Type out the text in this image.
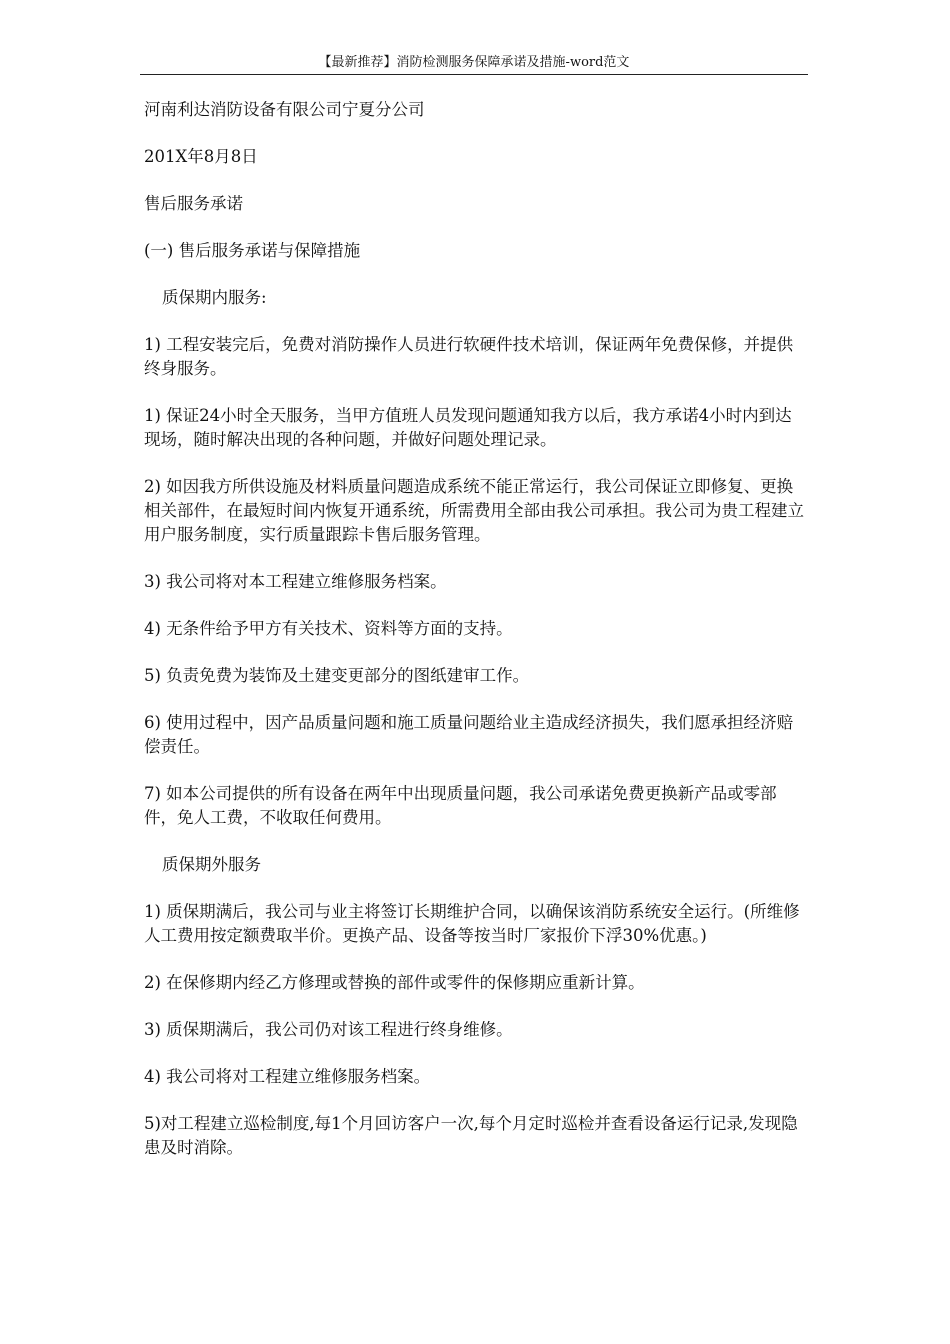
【最新推荐】消防检测服务保障承诺及措施-word范文

河南利达消防设备有限公司宁夏分公司

201X年8月8日

售后服务承诺

(一) 售后服务承诺与保障措施

质保期内服务:

1) 工程安装完后，免费对消防操作人员进行软硬件技术培训，保证两年免费保修，并提供终身服务。

1) 保证24小时全天服务，当甲方值班人员发现问题通知我方以后，我方承诺4小时内到达现场，随时解决出现的各种问题，并做好问题处理记录。

2) 如因我方所供设施及材料质量问题造成系统不能正常运行，我公司保证立即修复、更换相关部件，在最短时间内恢复开通系统，所需费用全部由我公司承担。我公司为贵工程建立用户服务制度，实行质量跟踪卡售后服务管理。

3) 我公司将对本工程建立维修服务档案。

4) 无条件给予甲方有关技术、资料等方面的支持。

5) 负责免费为装饰及土建变更部分的图纸建审工作。

6) 使用过程中，因产品质量问题和施工质量问题给业主造成经济损失，我们愿承担经济赔偿责任。

7) 如本公司提供的所有设备在两年中出现质量问题，我公司承诺免费更换新产品或零部件，免人工费，不收取任何费用。

质保期外服务

1) 质保期满后，我公司与业主将签订长期维护合同，以确保该消防系统安全运行。(所维修人工费用按定额费取半价。更换产品、设备等按当时厂家报价下浮30%优惠。)

2) 在保修期内经乙方修理或替换的部件或零件的保修期应重新计算。

3) 质保期满后，我公司仍对该工程进行终身维修。

4) 我公司将对工程建立维修服务档案。

5)对工程建立巡检制度,每1个月回访客户一次,每个月定时巡检并查看设备运行记录,发现隐患及时消除。
